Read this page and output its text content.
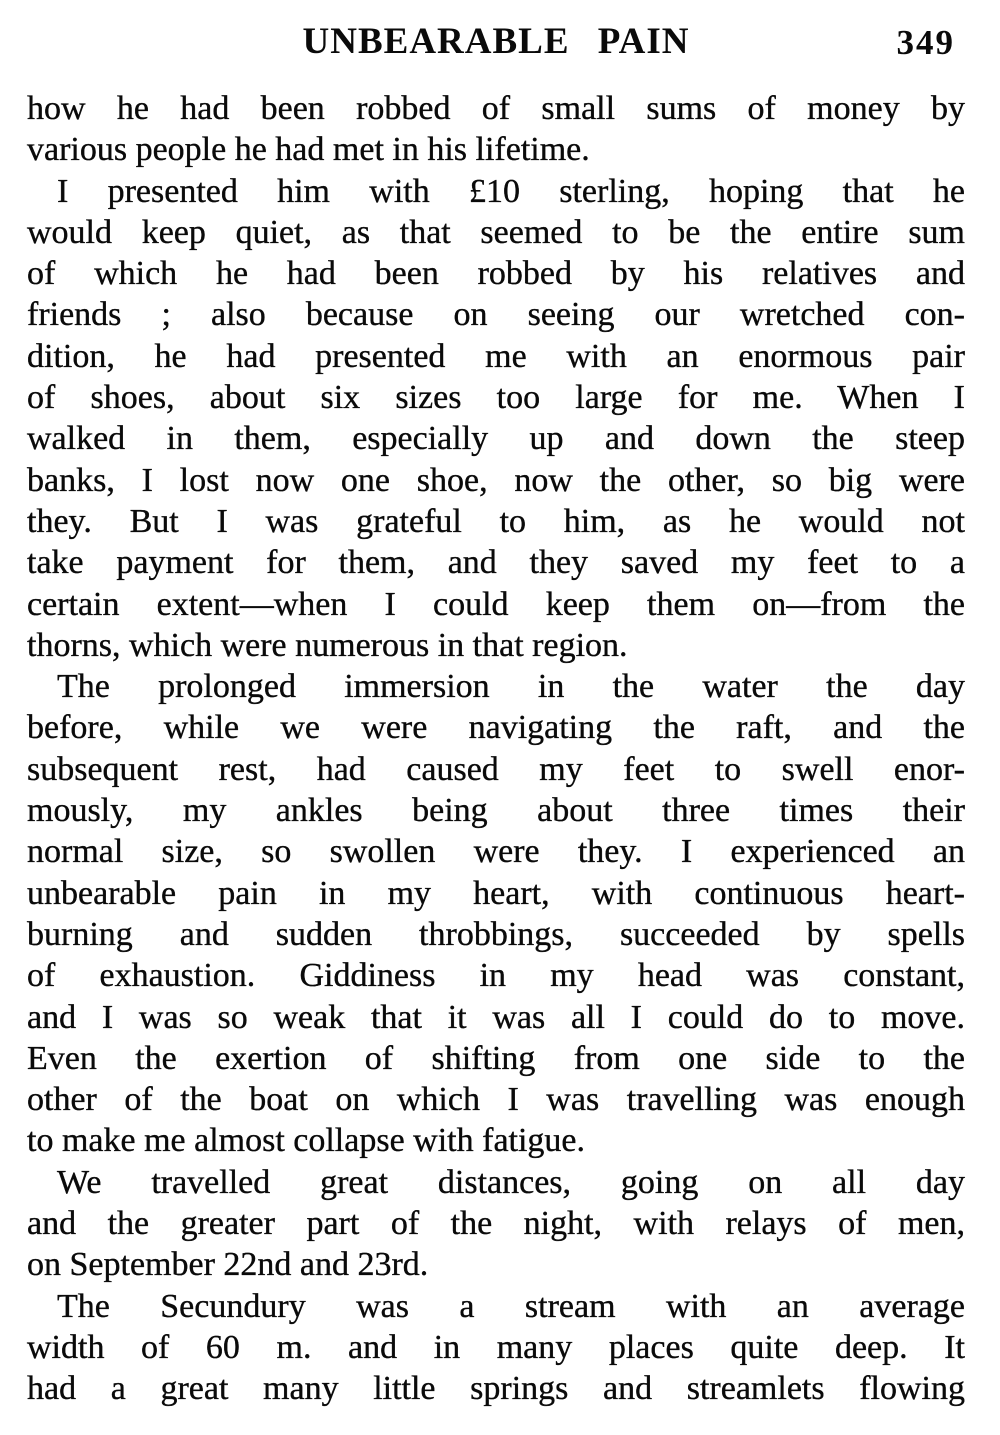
UNBEARABLE PAIN	349
how he had been robbed of small sums of money by
various people he had met in his lifetime.
I presented him with £10 sterling, hoping that he
would keep quiet, as that seemed to be the entire sum
of which he had been robbed by his relatives and
friends ; also because on seeing our wretched con-
dition, he had presented me with an enormous pair
of shoes, about six sizes too large for me. When I
walked in them, especially up and down the steep
banks, I lost now one shoe, now the other, so big were
they. But I was grateful to him, as he would not
take payment for them, and they saved my feet to a
certain extent—when I could keep them on—from the
thorns, which were numerous in that region.
The prolonged immersion in the water the day
before, while we were navigating the raft, and the
subsequent rest, had caused my feet to swell enor-
mously, my ankles being about three times their
normal size, so swollen were they. I experienced an
unbearable pain in my heart, with continuous heart-
burning and sudden throbbings, succeeded by spells
of exhaustion. Giddiness in my head was constant,
and I was so weak that it was all I could do to move.
Even the exertion of shifting from one side to the
other of the boat on which I was travelling was enough
to make me almost collapse with fatigue.
We travelled great distances, going on all day
and the greater part of the night, with relays of men,
on September 22nd and 23rd.
The Secundury was a stream with an average
width of 60 m. and in many places quite deep. It
had a great many little springs and streamlets flowing
